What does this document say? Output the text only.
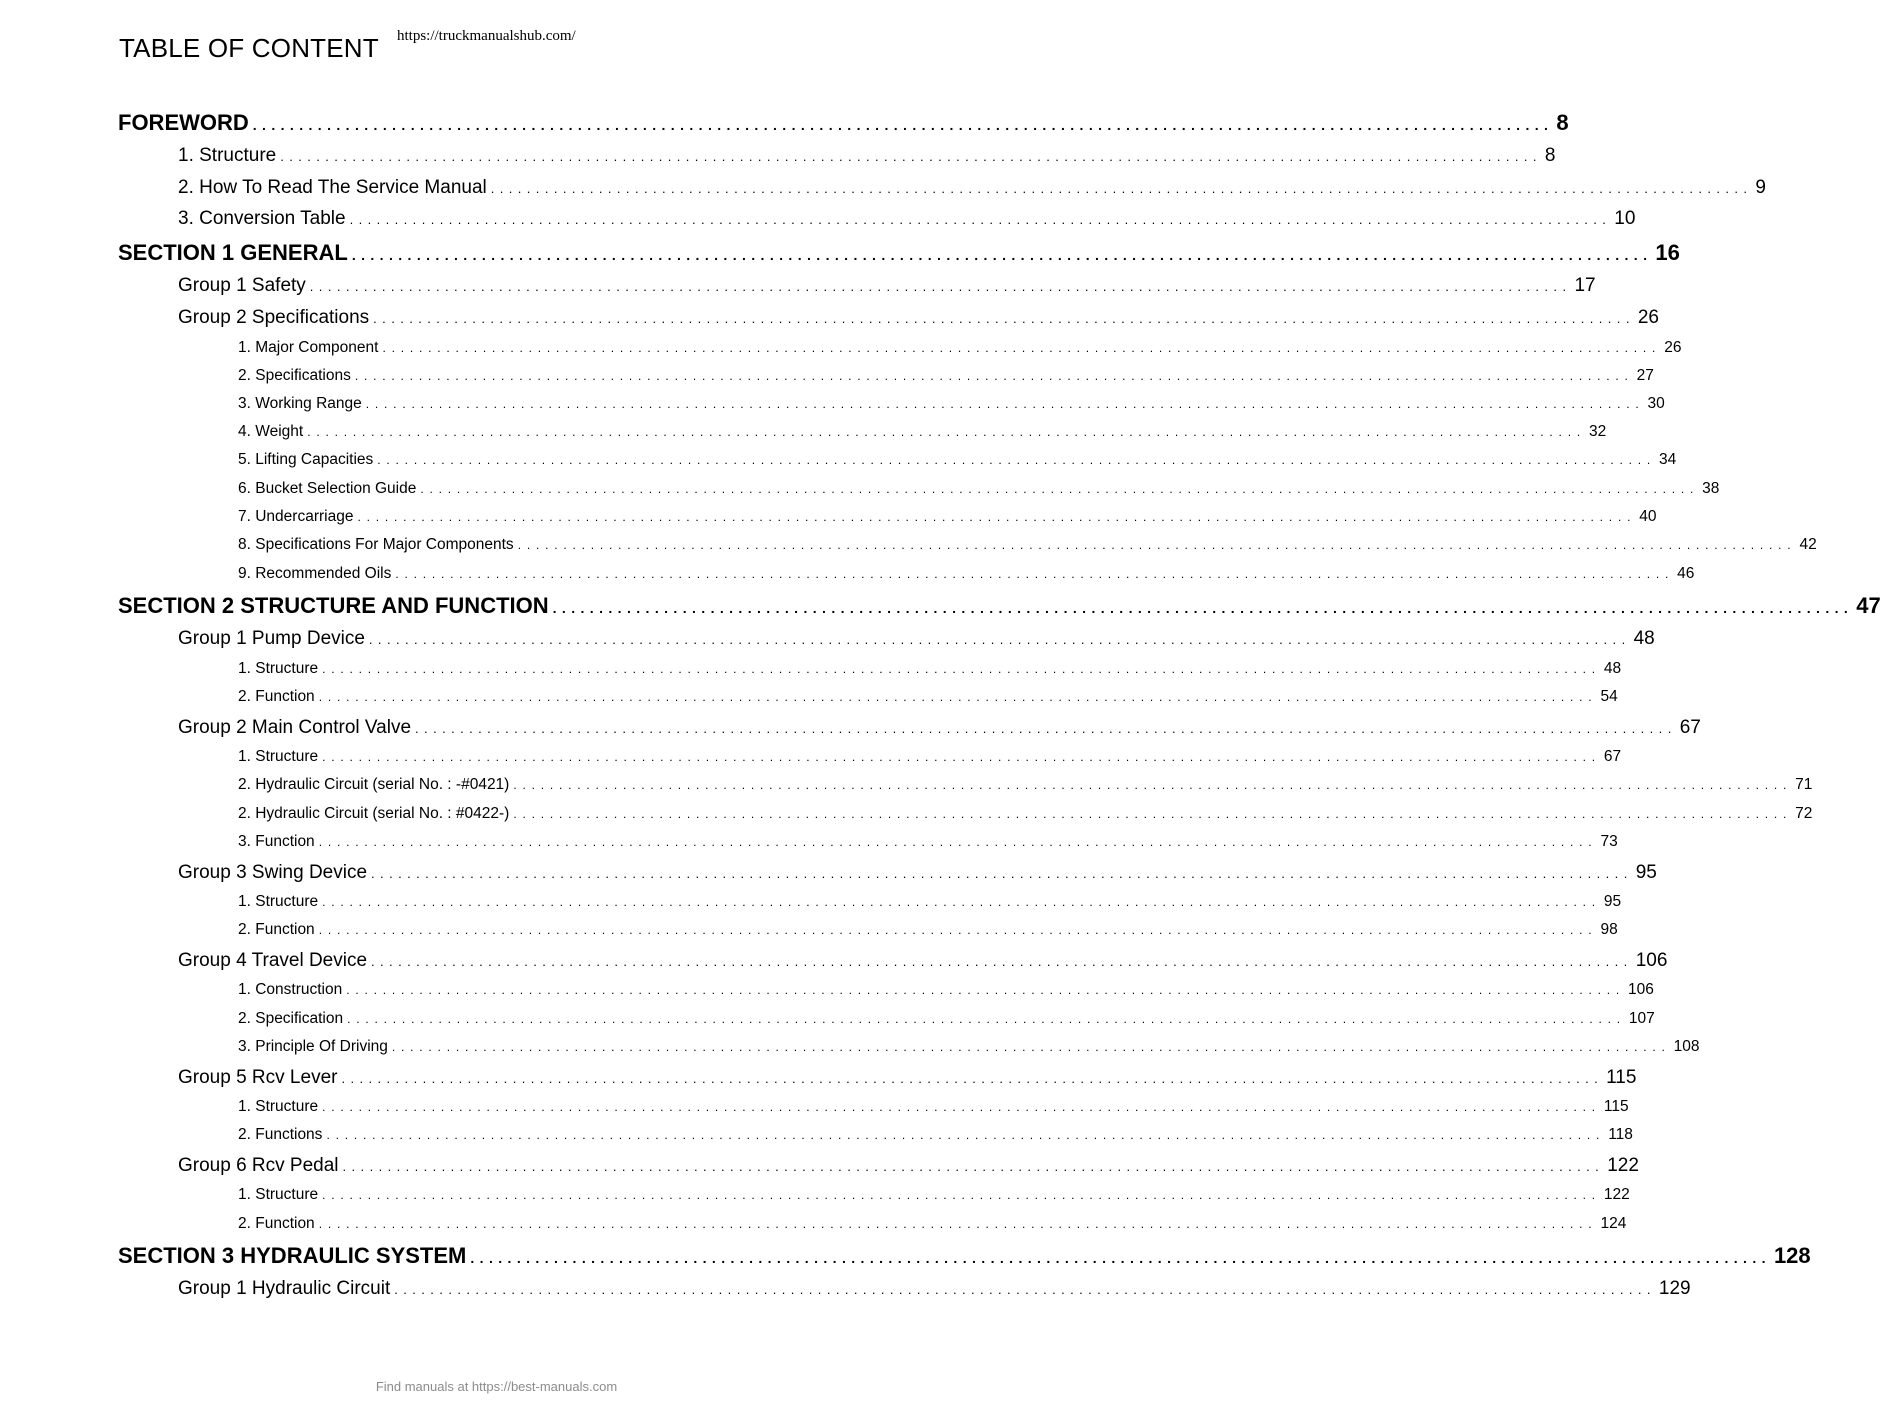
TABLE OF CONTENT https://truckmanualshub.com/
FOREWORD ............................................................................................................................................ 8
1. Structure ............................................................................................................................................ 8
2. How To Read The Service Manual ............................................................................................................................................ 9
3. Conversion Table ............................................................................................................................................ 10
SECTION 1 GENERAL ............................................................................................................................................ 16
Group 1 Safety ............................................................................................................................................ 17
Group 2 Specifications ............................................................................................................................................ 26
1. Major Component ............................................................................................................................................ 26
2. Specifications ............................................................................................................................................ 27
3. Working Range ............................................................................................................................................ 30
4. Weight ............................................................................................................................................ 32
5. Lifting Capacities ............................................................................................................................................ 34
6. Bucket Selection Guide ............................................................................................................................................ 38
7. Undercarriage ............................................................................................................................................ 40
8. Specifications For Major Components ............................................................................................................................................ 42
9. Recommended Oils ............................................................................................................................................ 46
SECTION 2 STRUCTURE AND FUNCTION ............................................................................................................................................ 47
Group 1 Pump Device ............................................................................................................................................ 48
1. Structure ............................................................................................................................................ 48
2. Function ............................................................................................................................................ 54
Group 2 Main Control Valve ............................................................................................................................................ 67
1. Structure ............................................................................................................................................ 67
2. Hydraulic Circuit (serial No. : -#0421) ............................................................................................................................................ 71
2. Hydraulic Circuit (serial No. : #0422-) ............................................................................................................................................ 72
3. Function ............................................................................................................................................ 73
Group 3 Swing Device ............................................................................................................................................ 95
1. Structure ............................................................................................................................................ 95
2. Function ............................................................................................................................................ 98
Group 4 Travel Device ............................................................................................................................................ 106
1. Construction ............................................................................................................................................ 106
2. Specification ............................................................................................................................................ 107
3. Principle Of Driving ............................................................................................................................................ 108
Group 5 Rcv Lever ............................................................................................................................................ 115
1. Structure ............................................................................................................................................ 115
2. Functions ............................................................................................................................................ 118
Group 6 Rcv Pedal ............................................................................................................................................ 122
1. Structure ............................................................................................................................................ 122
2. Function ............................................................................................................................................ 124
SECTION 3 HYDRAULIC SYSTEM ............................................................................................................................................ 128
Group 1 Hydraulic Circuit ............................................................................................................................................ 129
Find manuals at https://best-manuals.com
